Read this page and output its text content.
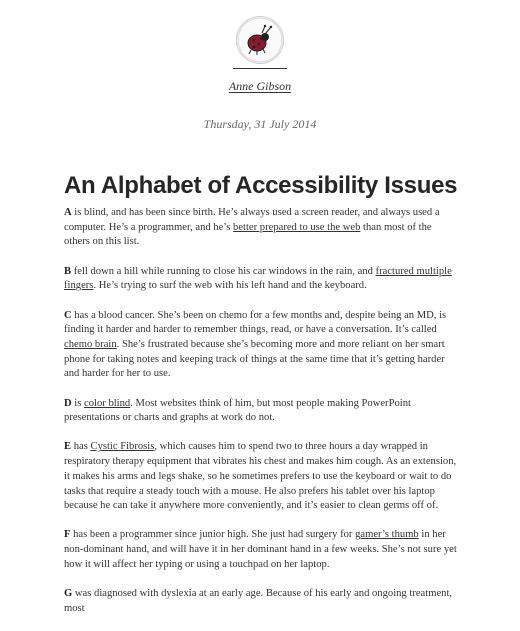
Anne Gibson
Thursday, 31 July 2014
An Alphabet of Accessibility Issues

A is blind, and has been since birth. He’s always used a screen reader, and always used a computer. He’s a programmer, and he’s better prepared to use the web than most of the others on this list.

B fell down a hill while running to close his car windows in the rain, and fractured multiple fingers. He’s trying to surf the web with his left hand and the keyboard.

C has a blood cancer. She’s been on chemo for a few months and, despite being an MD, is finding it harder and harder to remember things, read, or have a conversation. It’s called chemo brain. She’s frustrated because she’s becoming more and more reliant on her smart phone for taking notes and keeping track of things at the same time that it’s getting harder and harder for her to use.

D is color blind. Most websites think of him, but most people making PowerPoint presentations or charts and graphs at work do not.

E has Cystic Fibrosis, which causes him to spend two to three hours a day wrapped in respiratory therapy equipment that vibrates his chest and makes him cough. As an extension, it makes his arms and legs shake, so he sometimes prefers to use the keyboard or wait to do tasks that require a steady touch with a mouse. He also prefers his tablet over his laptop because he can take it anywhere more conveniently, and it’s easier to clean germs off of.

F has been a programmer since junior high. She just had surgery for gamer’s thumb in her non-dominant hand, and will have it in her dominant hand in a few weeks. She’s not sure yet how it will affect her typing or using a touchpad on her laptop.

G was diagnosed with dyslexia at an early age. Because of his early and ongoing treatment, most
